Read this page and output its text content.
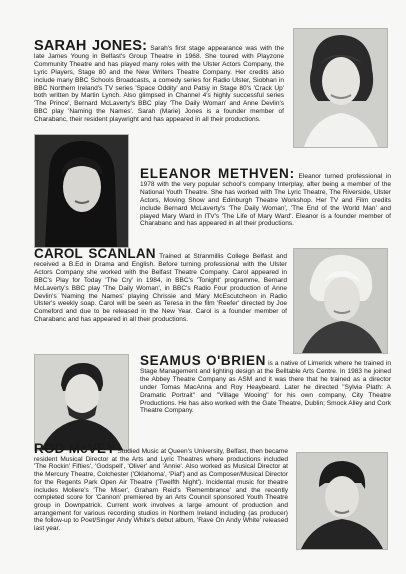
SARAH JONES: Sarah's first stage appearance was with the late James Young in Belfast's Group Theatre in 1968. She toured with Playzone Community Theatre and has played many roles with the Ulster Actors Company, the Lyric Players, Stage 80 and the New Writers Theatre Company. Her credits also include many BBC Schools Broadcasts, a comedy series for Radio Ulster, Siobhan in BBC Northern Ireland's TV series 'Space Oddity' and Patsy in Stage 80's 'Crack Up' both written by Martin Lynch. Also glimpsed in Channel 4's highly successful series 'The Prince', Bernard McLaverty's BBC play 'The Daily Woman' and Anne Devlin's BBC play 'Naming the Names'. Sarah (Marie) Jones is a founder member of Charabanc, their resident playwright and has appeared in all their productions.

ELEANOR METHVEN: Eleanor turned professional in 1978 with the very popular school's company Interplay, after being a member of the National Youth Theatre. She has worked with The Lyric Theatre, The Riverside, Ulster Actors, Moving Show and Edinburgh Theatre Workshop. Her TV and Film credits include Bernard McLaverty's 'The Daily Woman', 'The End of the World Man' and played Mary Ward in ITV's 'The Life of Mary Ward'. Eleanor is a founder member of Charabanc and has appeared in all their productions.

CAROL SCANLAN Trained at Stranmillis College Belfast and received a B.Ed in Drama and English. Before turning professional with the Ulster Actors Company she worked with the Belfast Theatre Company. Carol appeared in BBC's Play for Today 'The Cry' in 1984, in BBC's 'Tonight' programme, Bernard McLaverty's BBC play 'The Daily Woman', in BBC's Radio Four production of Anne Devlin's 'Naming the Names' playing Chrissie and Mary McEscutcheon in Radio Ulster's weekly soap. Carol will be seen as Teresa in the film 'Reefer' directed by Joe Comeford and due to be released in the New Year. Carol is a founder member of Charabanc and has appeared in all their productions.

SEAMUS O'BRIEN is a native of Limerick where he trained in Stage Management and lighting design at the Belltable Arts Centre. In 1983 he joined the Abbey Theatre Company as ASM and it was there that he trained as a director under Tomas MacAnna and Roy Heaybeard. Later he directed "Sylvia Plath: A Dramatic Portrait" and "Village Wooing" for his own company, City Theatre Productions. He has also worked with the Gate Theatre, Dublin; Smock Alley and Cork Theatre Company.

ROD McVEY Studied Music at Queen's University, Belfast, then became resident Musical Director at the Arts and Lyric Theatres where productions included 'The Rockin' Fifties', 'Godspell', 'Oliver' and 'Annie'. Also worked as Musical Director at the Mercury Theatre, Colchester ('Oklahoma', 'Piaf') and as Composer/Musical Director for the Regents Park Open Air Theatre ('Twelfth Night'). Incidental music for theatre includes Moliere's 'The Miser', Graham Reid's 'Remembrance' and the recently completed score for 'Cannon' premiered by an Arts Council sponsored Youth Theatre group in Downpatrick. Current work involves a large amount of production and arrangement for various recording studios in Northern Ireland including (as producer) the follow-up to Poet/Singer Andy White's debut album, 'Rave On Andy White' released last year.
